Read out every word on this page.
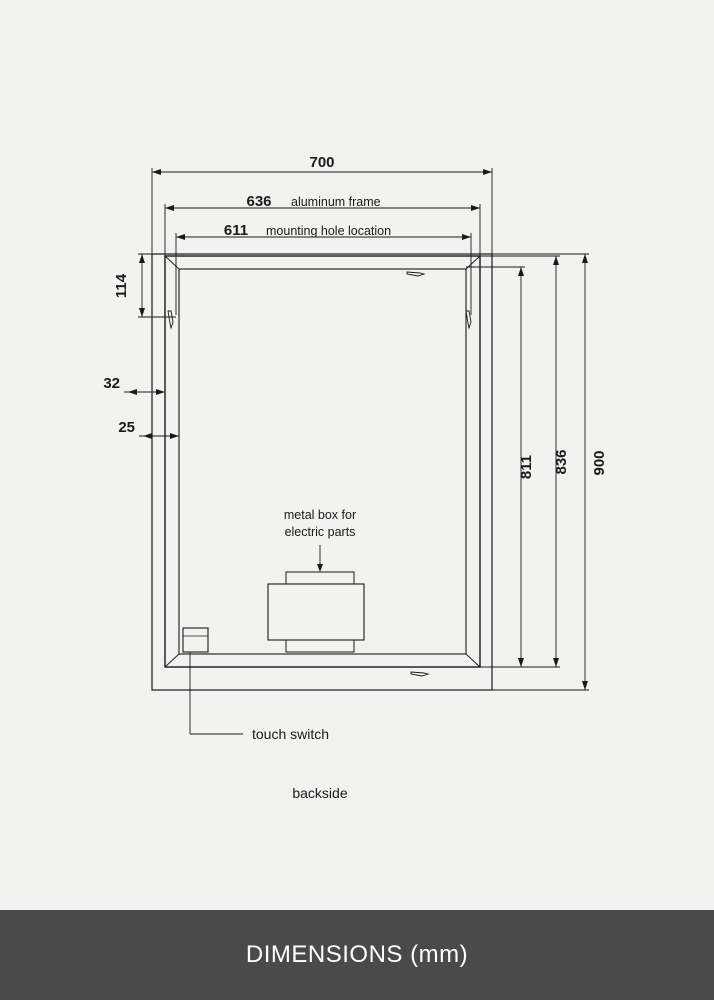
metal box for
electric parts
touch switch
700
636 aluminum frame
611 mounting hole location
114
32
25
811 836 900
backside
DIMENSIONS (mm)
